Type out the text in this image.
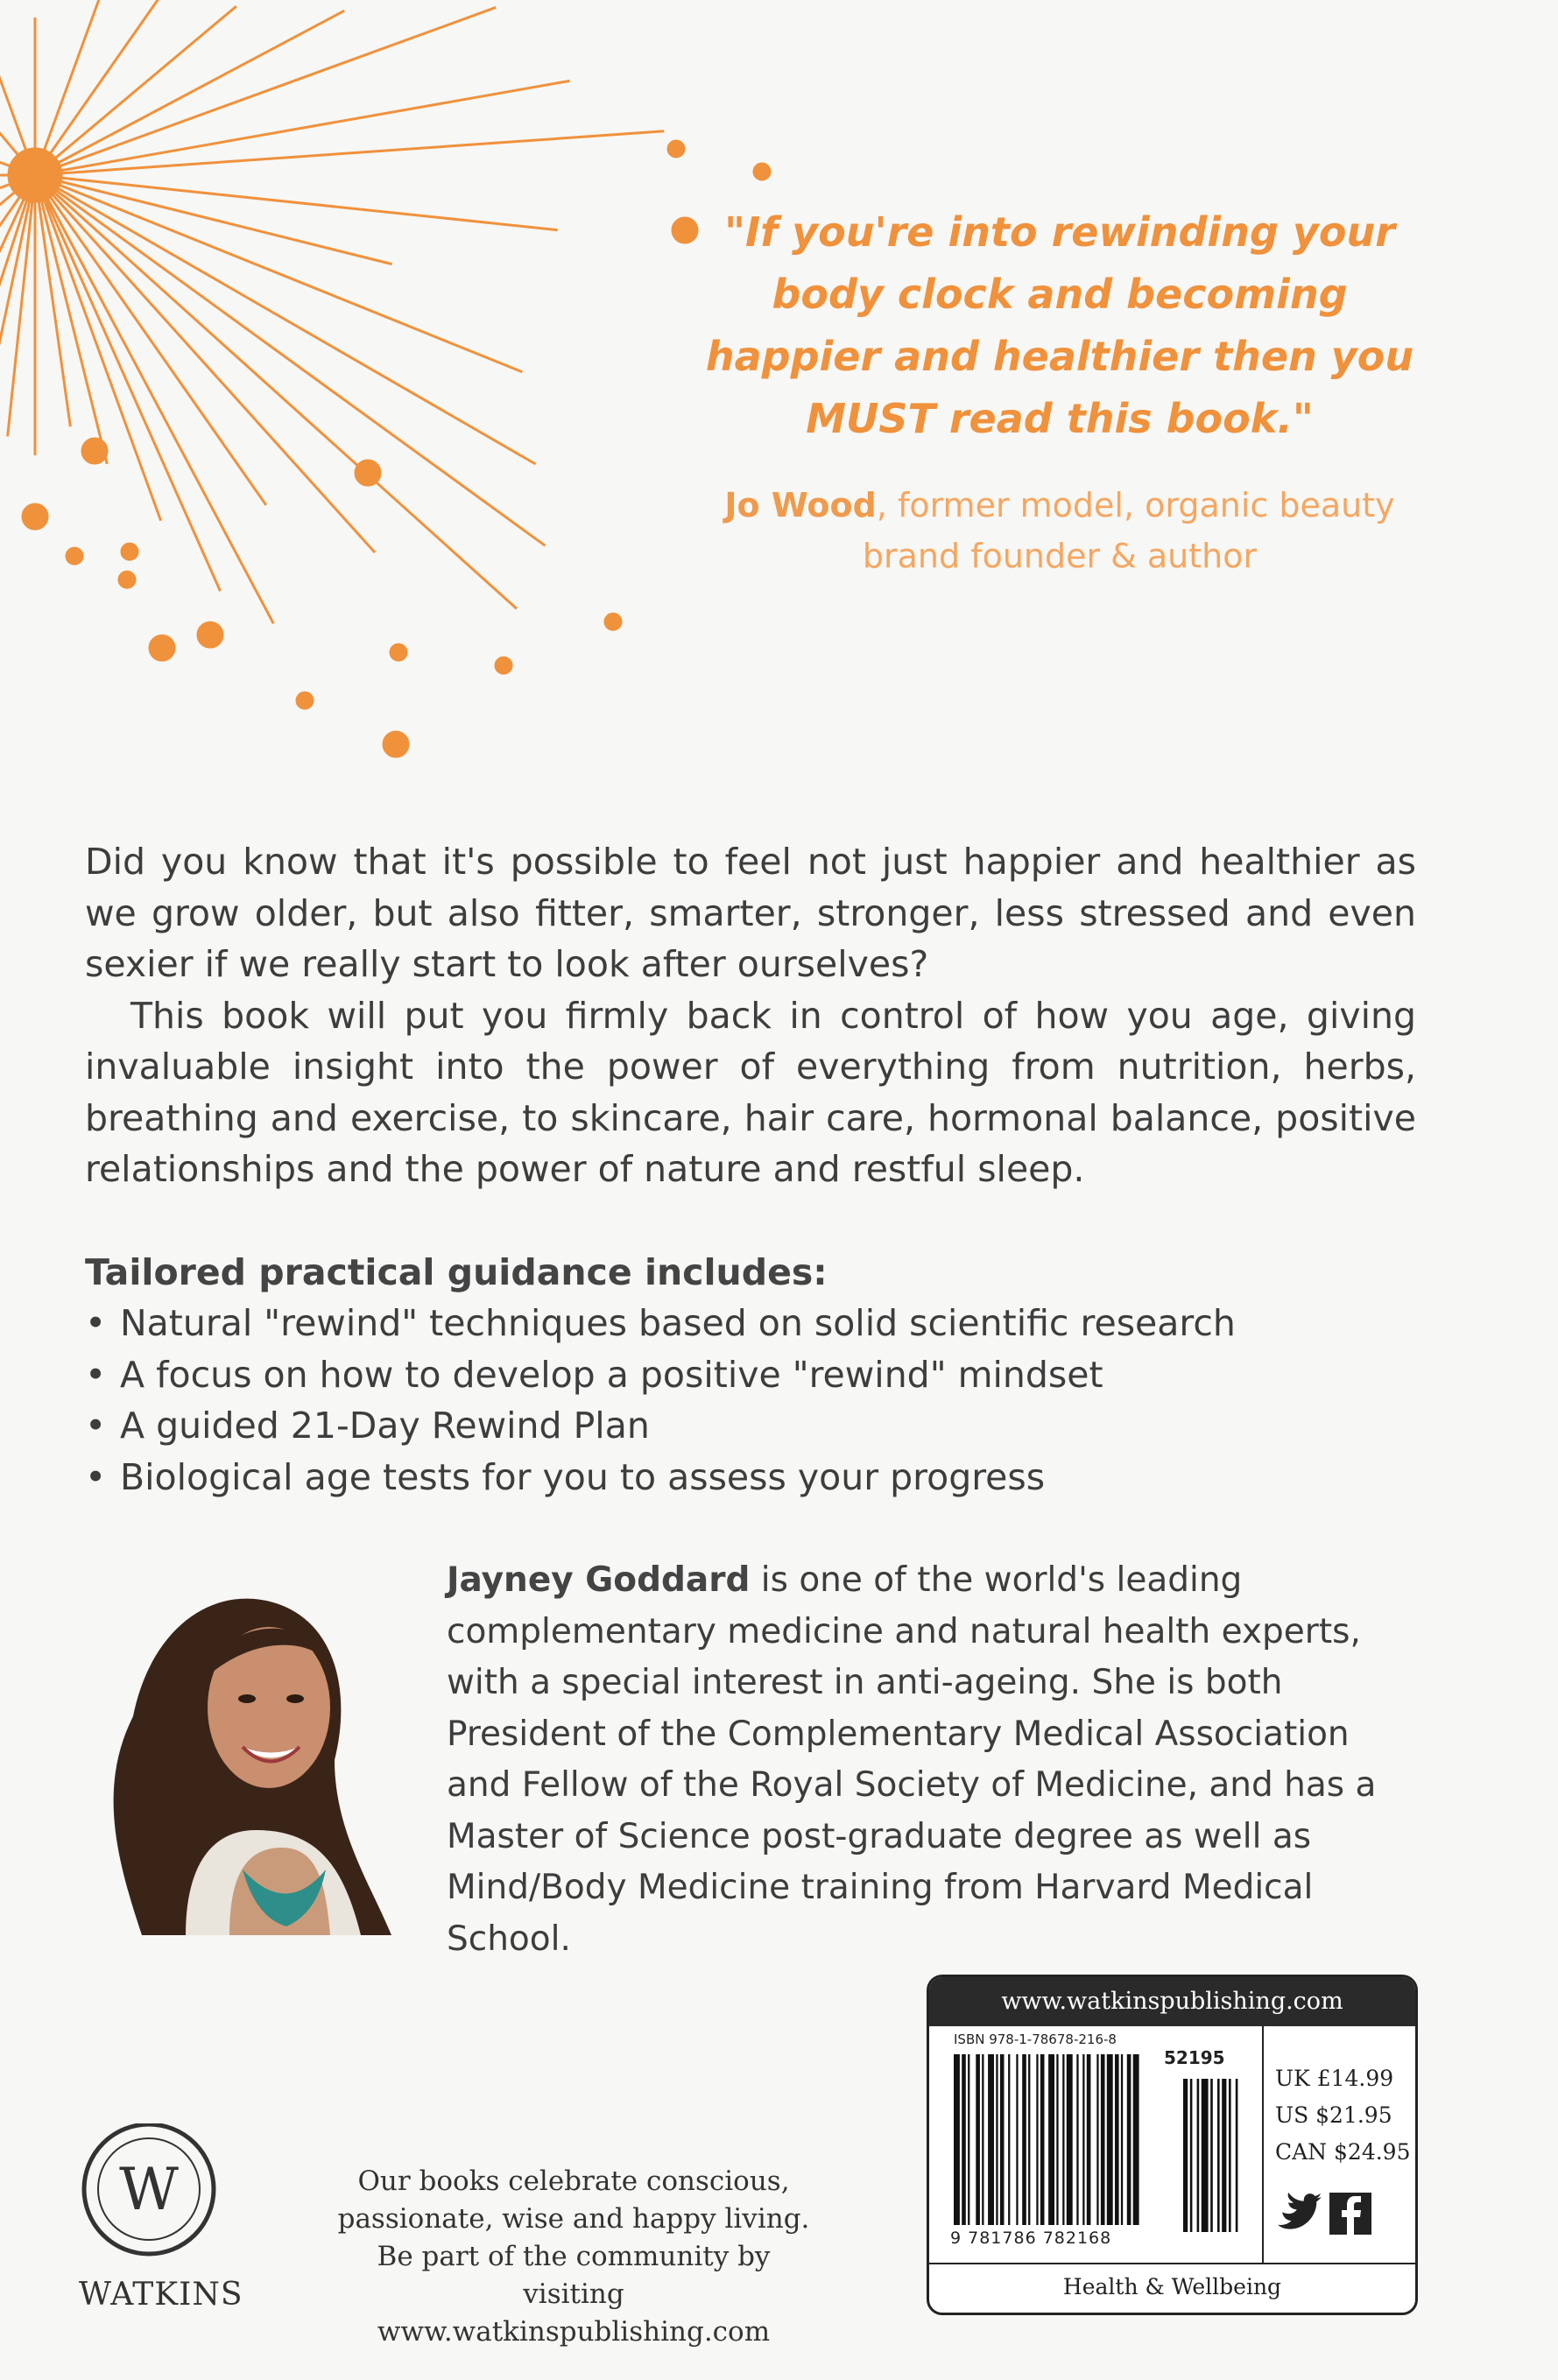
"If you're into rewinding your
body clock and becoming
happier and healthier then you
MUST read this book."
Jo Wood, former model, organic beauty
brand founder & author

Did you know that it's possible to feel not just happier and healthier as we grow older, but also fitter, smarter, stronger, less stressed and even sexier if we really start to look after ourselves?

This book will put you firmly back in control of how you age, giving invaluable insight into the power of everything from nutrition, herbs, breathing and exercise, to skincare, hair care, hormonal balance, positive relationships and the power of nature and restful sleep.

Tailored practical guidance includes:
• Natural "rewind" techniques based on solid scientific research
• A focus on how to develop a positive "rewind" mindset
• A guided 21-Day Rewind Plan
• Biological age tests for you to assess your progress
Jayney Goddard is one of the world's leading complementary medicine and natural health experts, with a special interest in anti-ageing. She is both President of the Complementary Medical Association and Fellow of the Royal Society of Medicine, and has a Master of Science post-graduate degree as well as Mind/Body Medicine training from Harvard Medical School.
W
WATKINS
Our books celebrate conscious,
passionate, wise and happy living.
Be part of the community by visiting
www.watkinspublishing.com
www.watkinspublishing.com
ISBN 978-1-78678-216-8
52195
9 781786 782168
UK £14.99
US $21.95
CAN $24.95
Health & Wellbeing
